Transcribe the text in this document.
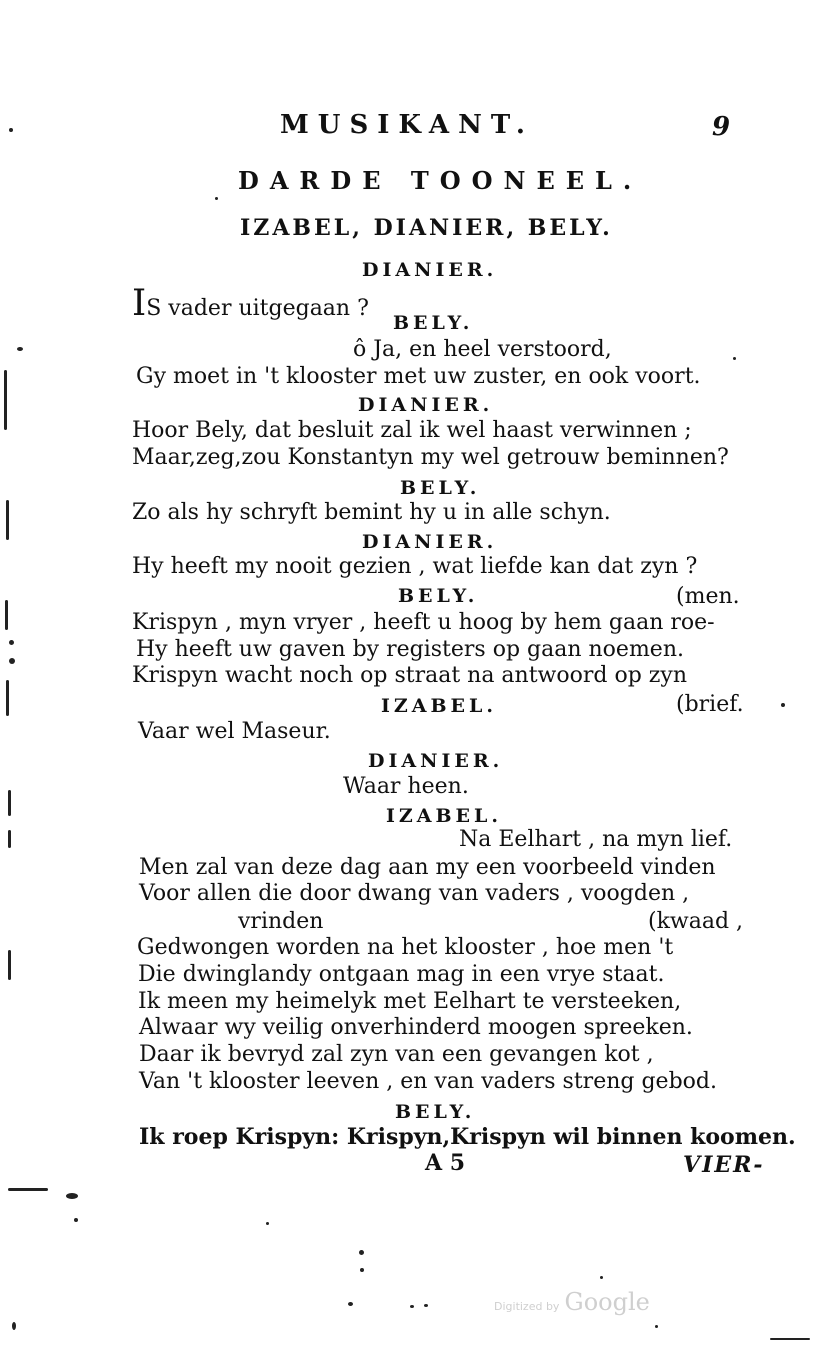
MUSIKANT.	9
DARDE TOONEEL.
IZABEL, DIANIER, BELY.
DIANIER.
IS vader uitgegaan ?
BELY.
ô Ja, en heel verstoord,
Gy moet in 't klooster met uw zuster, en ook voort.
DIANIER.
Hoor Bely, dat besluit zal ik wel haast verwinnen ;
Maar,zeg,zou Konstantyn my wel getrouw beminnen?
BELY.
Zo als hy schryft bemint hy u in alle schyn.
DIANIER.
Hy heeft my nooit gezien , wat liefde kan dat zyn ?
BELY.	(men.
Krispyn , myn vryer , heeft u hoog by hem gaan roe-
Hy heeft uw gaven by registers op gaan noemen.
Krispyn wacht noch op straat na antwoord op zyn
IZABEL.	(brief.
Vaar wel Maseur.
DIANIER.
Waar heen.
IZABEL.
Na Eelhart , na myn lief.
Men zal van deze dag aan my een voorbeeld vinden
Voor allen die door dwang van vaders , voogden ,
vrinden	(kwaad ,
Gedwongen worden na het klooster , hoe men 't
Die dwinglandy ontgaan mag in een vrye staat.
Ik meen my heimelyk met Eelhart te versteeken,
Alwaar wy veilig onverhinderd moogen spreeken.
Daar ik bevryd zal zyn van een gevangen kot ,
Van 't klooster leeven , en van vaders streng gebod.
BELY.
Ik roep Krispyn: Krispyn,Krispyn wil binnen koomen.
A 5	VIER-
Digitized by Google
